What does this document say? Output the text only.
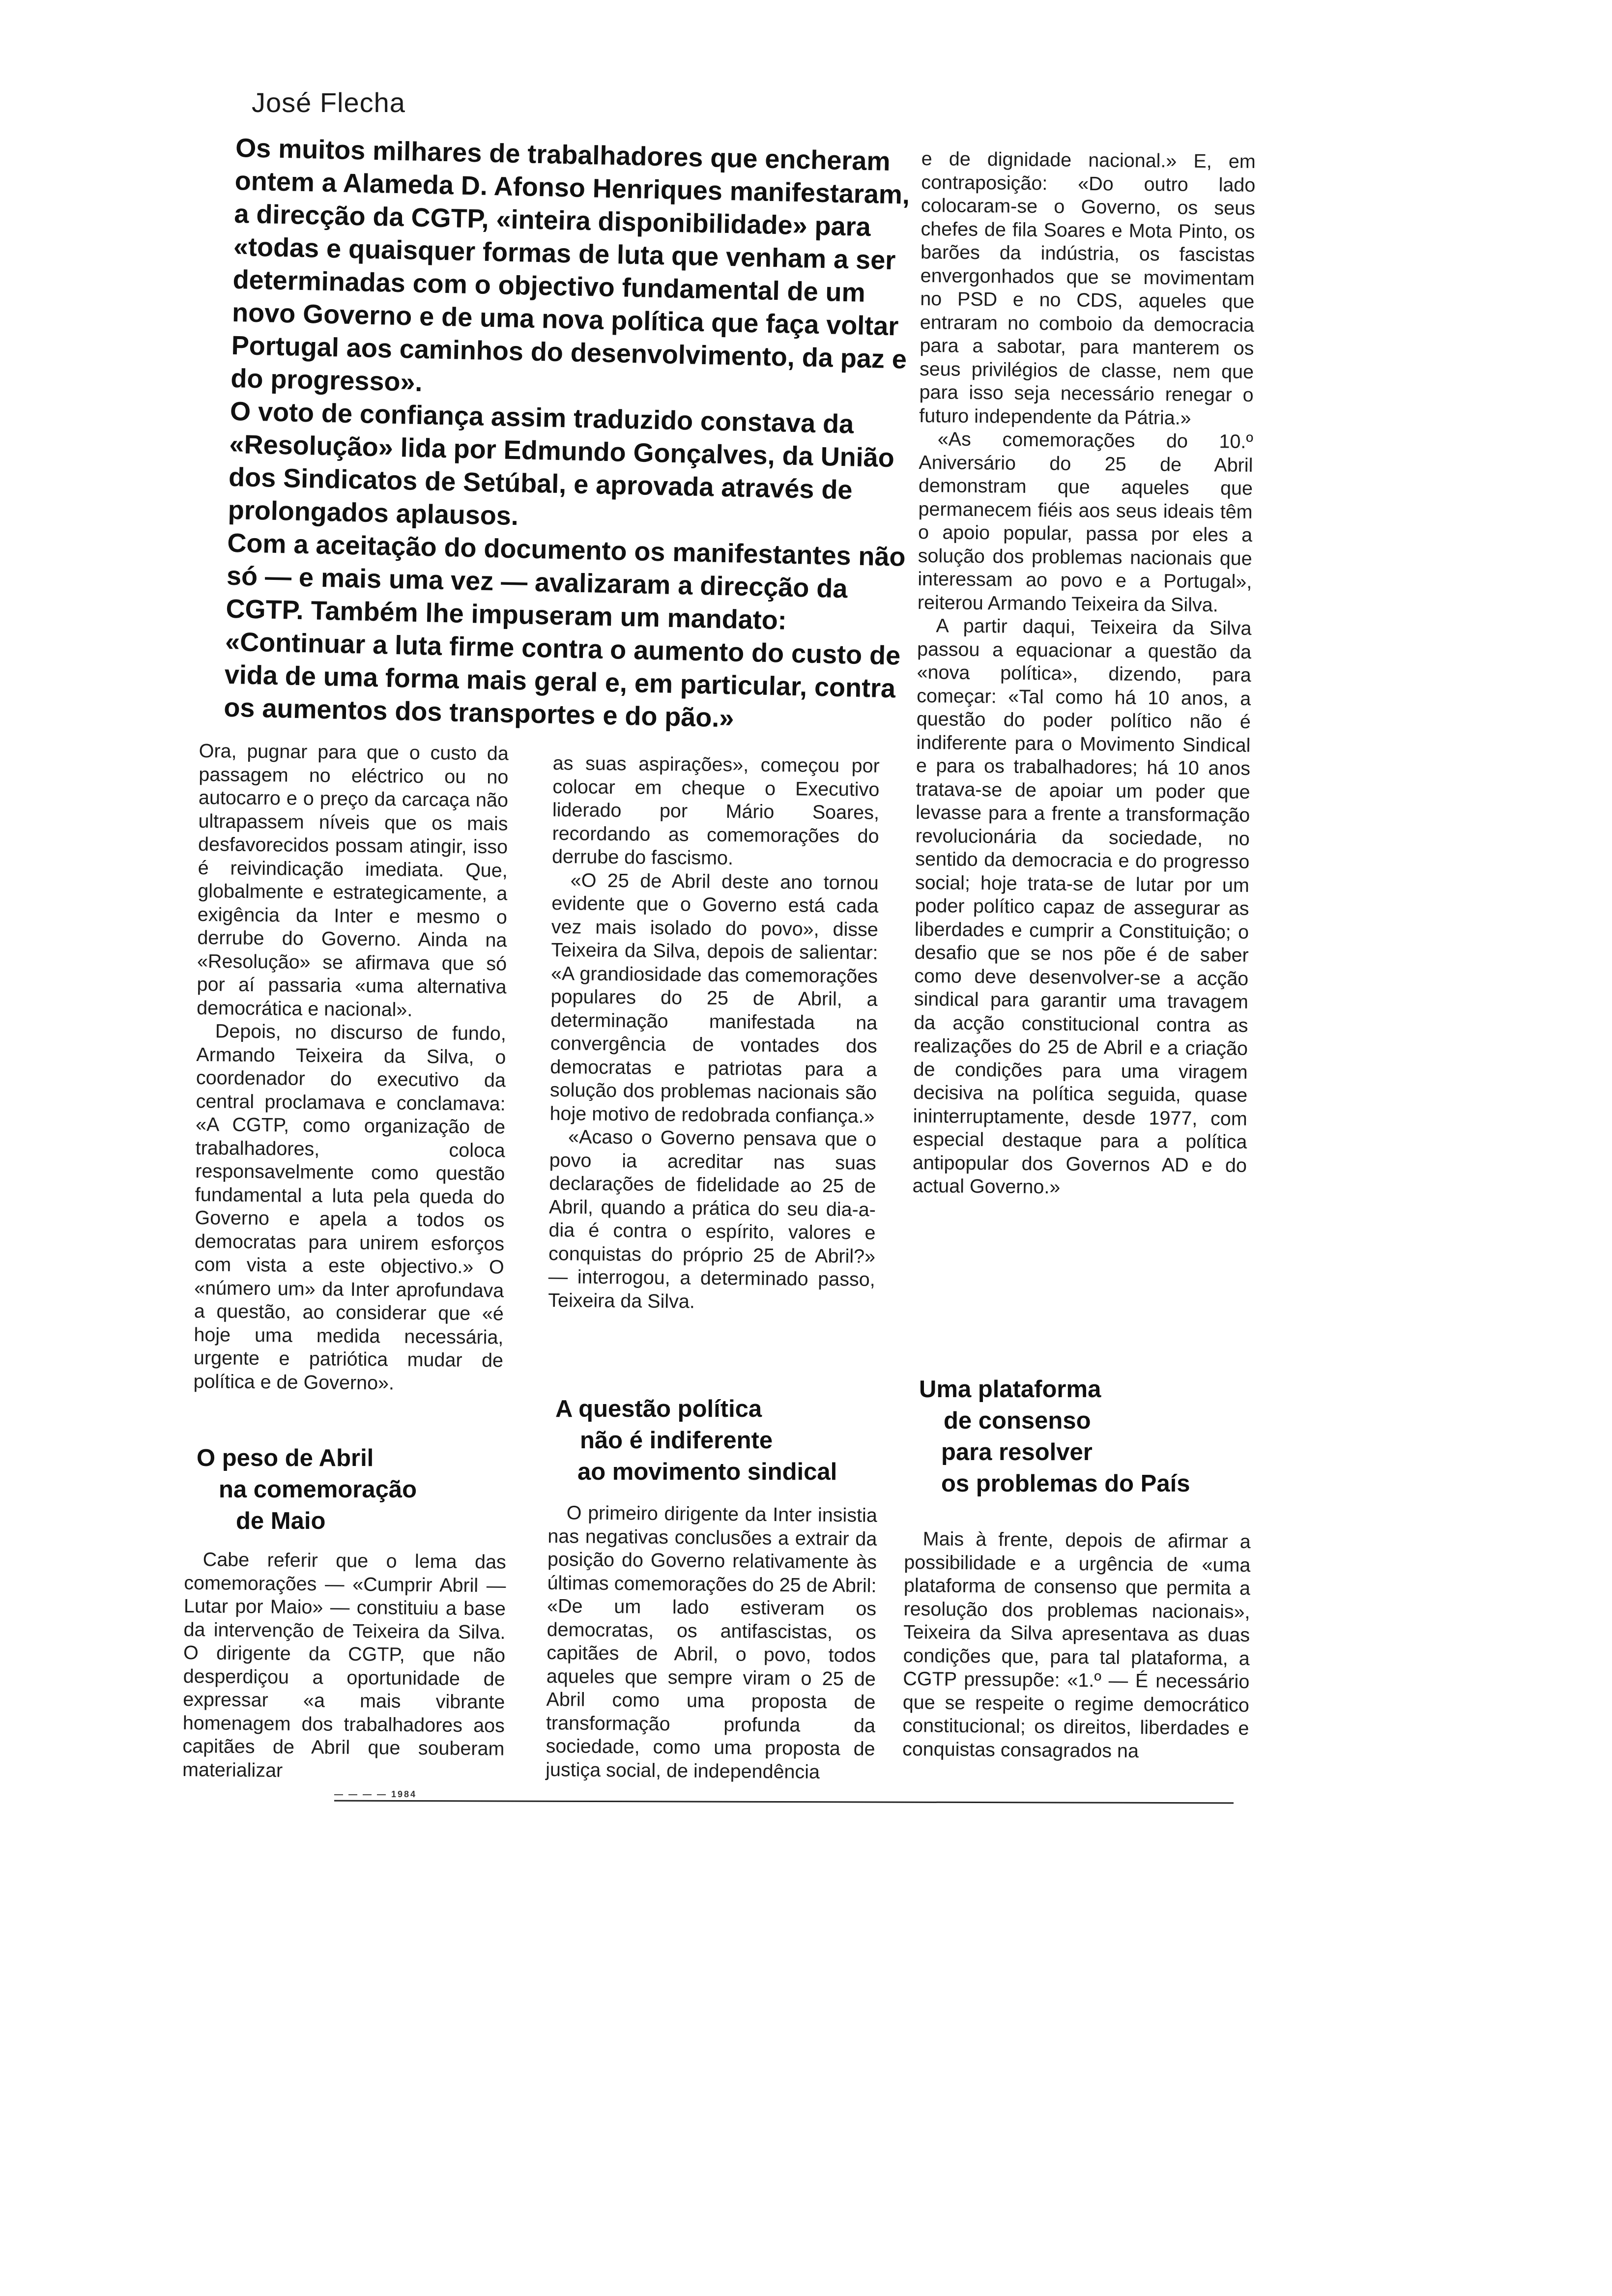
José Flecha

Os muitos milhares de trabalhadores que encheram ontem a Alameda D. Afonso Henriques manifestaram, a direcção da CGTP, «inteira disponibilidade» para «todas e quaisquer formas de luta que venham a ser determinadas com o objectivo fundamental de um novo Governo e de uma nova política que faça voltar Portugal aos caminhos do desenvolvimento, da paz e do progresso».

O voto de confiança assim traduzido constava da «Resolução» lida por Edmundo Gonçalves, da União dos Sindicatos de Setúbal, e aprovada através de prolongados aplausos.

Com a aceitação do documento os manifestantes não só — e mais uma vez — avalizaram a direcção da CGTP. Também lhe impuseram um mandato: «Continuar a luta firme contra o aumento do custo de vida de uma forma mais geral e, em particular, contra os aumentos dos transportes e do pão.»

Ora, pugnar para que o custo da passagem no eléctrico ou no autocarro e o preço da carcaça não ultrapassem níveis que os mais desfavorecidos possam atingir, isso é reivindicação imediata. Que, globalmente e estrategicamente, a exigência da Inter e mesmo o derrube do Governo. Ainda na «Resolução» se afirmava que só por aí passaria «uma alternativa democrática e nacional».

Depois, no discurso de fundo, Armando Teixeira da Silva, o coordenador do executivo da central proclamava e conclamava: «A CGTP, como organização de trabalhadores, coloca responsavelmente como questão fundamental a luta pela queda do Governo e apela a todos os democratas para unirem esforços com vista a este objectivo.» O «número um» da Inter aprofundava a questão, ao considerar que «é hoje uma medida necessária, urgente e patriótica mudar de política e de Governo».

O peso de Abril
na comemoração
de Maio

Cabe referir que o lema das comemorações — «Cumprir Abril — Lutar por Maio» — constituiu a base da intervenção de Teixeira da Silva. O dirigente da CGTP, que não desperdiçou a oportunidade de expressar «a mais vibrante homenagem dos trabalhadores aos capitães de Abril que souberam materializar

as suas aspirações», começou por colocar em cheque o Executivo liderado por Mário Soares, recordando as comemorações do derrube do fascismo.

«O 25 de Abril deste ano tornou evidente que o Governo está cada vez mais isolado do povo», disse Teixeira da Silva, depois de salientar: «A grandiosidade das comemorações populares do 25 de Abril, a determinação manifestada na convergência de vontades dos democratas e patriotas para a solução dos problemas nacionais são hoje motivo de redobrada confiança.»

«Acaso o Governo pensava que o povo ia acreditar nas suas declarações de fidelidade ao 25 de Abril, quando a prática do seu dia-a-dia é contra o espírito, valores e conquistas do próprio 25 de Abril?» — interrogou, a determinado passo, Teixeira da Silva.

A questão política
não é indiferente
ao movimento sindical

O primeiro dirigente da Inter insistia nas negativas conclusões a extrair da posição do Governo relativamente às últimas comemorações do 25 de Abril: «De um lado estiveram os democratas, os antifascistas, os capitães de Abril, o povo, todos aqueles que sempre viram o 25 de Abril como uma proposta de transformação profunda da sociedade, como uma proposta de justiça social, de independência

e de dignidade nacional.» E, em contraposição: «Do outro lado colocaram-se o Governo, os seus chefes de fila Soares e Mota Pinto, os barões da indústria, os fascistas envergonhados que se movimentam no PSD e no CDS, aqueles que entraram no comboio da democracia para a sabotar, para manterem os seus privilégios de classe, nem que para isso seja necessário renegar o futuro independente da Pátria.»

«As comemorações do 10.º Aniversário do 25 de Abril demonstram que aqueles que permanecem fiéis aos seus ideais têm o apoio popular, passa por eles a solução dos problemas nacionais que interessam ao povo e a Portugal», reiterou Armando Teixeira da Silva.

A partir daqui, Teixeira da Silva passou a equacionar a questão da «nova política», dizendo, para começar: «Tal como há 10 anos, a questão do poder político não é indiferente para o Movimento Sindical e para os trabalhadores; há 10 anos tratava-se de apoiar um poder que levasse para a frente a transformação revolucionária da sociedade, no sentido da democracia e do progresso social; hoje trata-se de lutar por um poder político capaz de assegurar as liberdades e cumprir a Constituição; o desafio que se nos põe é de saber como deve desenvolver-se a acção sindical para garantir uma travagem da acção constitucional contra as realizações do 25 de Abril e a criação de condições para uma viragem decisiva na política seguida, quase ininterruptamente, desde 1977, com especial destaque para a política antipopular dos Governos AD e do actual Governo.»

Uma plataforma
de consenso
para resolver
os problemas do País

Mais à frente, depois de afirmar a possibilidade e a urgência de «uma plataforma de consenso que permita a resolução dos problemas nacionais», Teixeira da Silva apresentava as duas condições que, para tal plataforma, a CGTP pressupõe: «1.º — É necessário que se respeite o regime democrático constitucional; os direitos, liberdades e conquistas consagrados na

— — — — 1984
